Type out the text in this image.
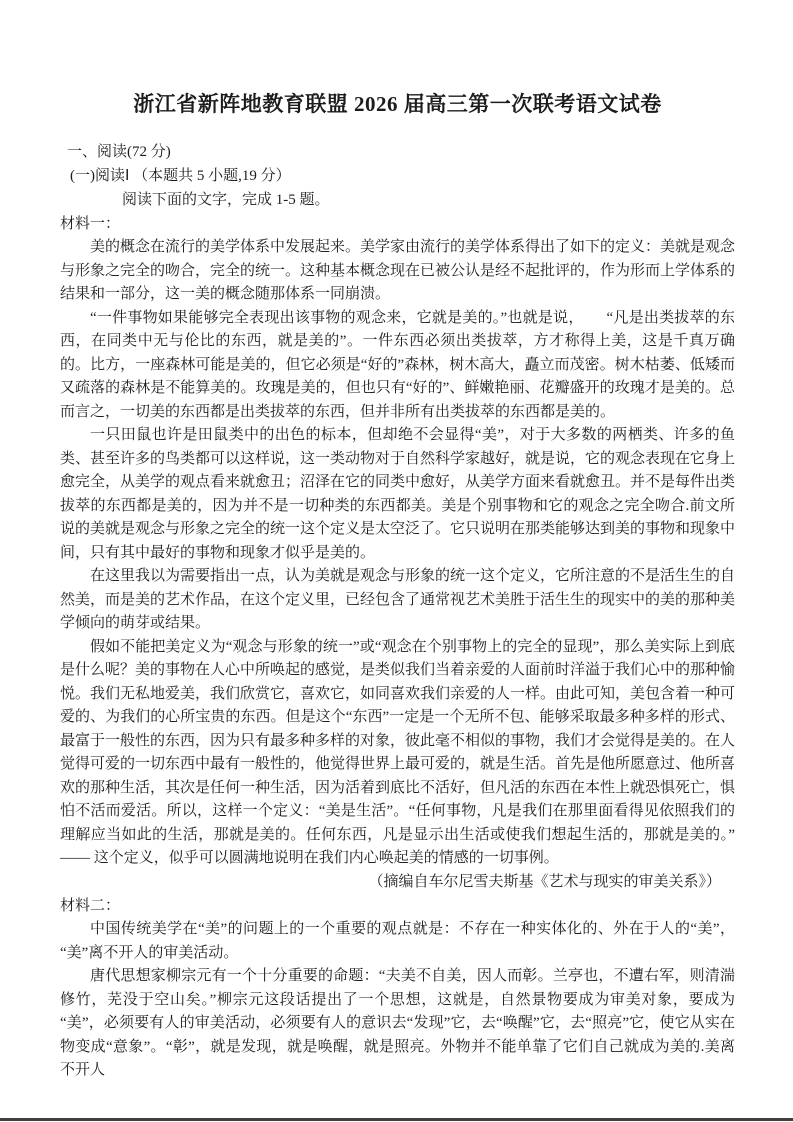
浙江省新阵地教育联盟 2026 届高三第一次联考语文试卷
一、阅读(72 分)
(一)阅读Ⅰ （本题共 5 小题,19 分）
阅读下面的文字，完成 1-5 题。
材料一：

美的概念在流行的美学体系中发展起来。美学家由流行的美学体系得出了如下的定义：美就是观念与形象之完全的吻合，完全的统一。这种基本概念现在已被公认是经不起批评的，作为形而上学体系的结果和一部分，这一美的概念随那体系一同崩溃。

“一件事物如果能够完全表现出该事物的观念来，它就是美的。”也就是说，　　“凡是出类拔萃的东西，在同类中无与伦比的东西，就是美的”。一件东西必须出类拔萃，方才称得上美，这是千真万确的。比方，一座森林可能是美的，但它必须是“好的”森林，树木高大，矗立而茂密。树木枯萎、低矮而又疏落的森林是不能算美的。玫瑰是美的，但也只有“好的”、鲜嫩艳丽、花瓣盛开的玫瑰才是美的。总而言之，一切美的东西都是出类拔萃的东西，但并非所有出类拔萃的东西都是美的。

一只田鼠也许是田鼠类中的出色的标本，但却绝不会显得“美”，对于大多数的两栖类、许多的鱼类、甚至许多的鸟类都可以这样说，这一类动物对于自然科学家越好，就是说，它的观念表现在它身上愈完全，从美学的观点看来就愈丑；沼泽在它的同类中愈好，从美学方面来看就愈丑。并不是每件出类拔萃的东西都是美的，因为并不是一切种类的东西都美。美是个别事物和它的观念之完全吻合.前文所说的美就是观念与形象之完全的统一这个定义是太空泛了。它只说明在那类能够达到美的事物和现象中间，只有其中最好的事物和现象才似乎是美的。

在这里我以为需要指出一点，认为美就是观念与形象的统一这个定义，它所注意的不是活生生的自然美，而是美的艺术作品，在这个定义里，已经包含了通常视艺术美胜于活生生的现实中的美的那种美学倾向的萌芽或结果。

假如不能把美定义为“观念与形象的统一”或“观念在个别事物上的完全的显现”，那么美实际上到底是什么呢？美的事物在人心中所唤起的感觉，是类似我们当着亲爱的人面前时洋溢于我们心中的那种愉悦。我们无私地爱美，我们欣赏它，喜欢它，如同喜欢我们亲爱的人一样。由此可知，美包含着一种可爱的、为我们的心所宝贵的东西。但是这个“东西”一定是一个无所不包、能够采取最多种多样的形式、最富于一般性的东西，因为只有最多种多样的对象，彼此毫不相似的事物，我们才会觉得是美的。在人觉得可爱的一切东西中最有一般性的，他觉得世界上最可爱的，就是生活。首先是他所愿意过、他所喜欢的那种生活，其次是任何一种生活，因为活着到底比不活好，但凡活的东西在本性上就恐惧死亡，惧怕不活而爱活。所以，这样一个定义：“美是生活”。“任何事物，凡是我们在那里面看得见依照我们的理解应当如此的生活，那就是美的。任何东西，凡是显示出生活或使我们想起生活的，那就是美的。”—— 这个定义，似乎可以圆满地说明在我们内心唤起美的情感的一切事例。

（摘编自车尔尼雪夫斯基《艺术与现实的审美关系》）
材料二：

中国传统美学在“美”的问题上的一个重要的观点就是：不存在一种实体化的、外在于人的“美”，“美”离不开人的审美活动。

唐代思想家柳宗元有一个十分重要的命题：“夫美不自美，因人而彰。兰亭也，不遭右军，则清湍修竹，芜没于空山矣。”柳宗元这段话提出了一个思想，这就是，自然景物要成为审美对象，要成为“美”，必须要有人的审美活动，必须要有人的意识去“发现”它，去“唤醒”它，去“照亮”它，使它从实在物变成“意象”。“彰”，就是发现，就是唤醒，就是照亮。外物并不能单靠了它们自己就成为美的.美离不开人
